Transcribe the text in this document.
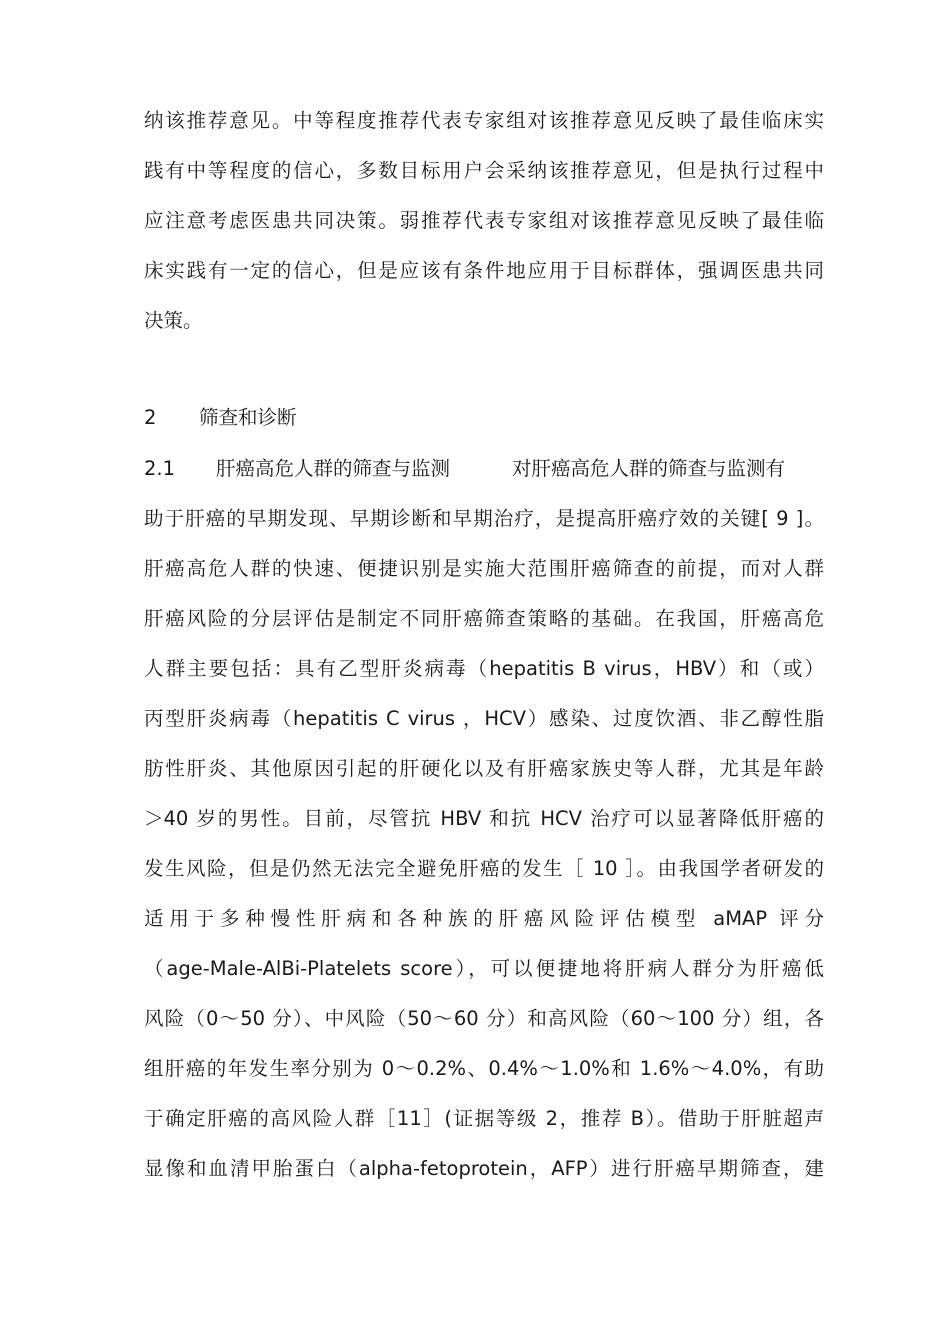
纳该推荐意见。中等程度推荐代表专家组对该推荐意见反映了最佳临床实
践有中等程度的信心，多数目标用户会采纳该推荐意见，但是执行过程中
应注意考虑医患共同决策。弱推荐代表专家组对该推荐意见反映了最佳临
床实践有一定的信心，但是应该有条件地应用于目标群体，强调医患共同
决策。
2 筛查和诊断
2.1 肝癌高危人群的筛查与监测	对肝癌高危人群的筛查与监测有
助于肝癌的早期发现、早期诊断和早期治疗，是提高肝癌疗效的关键[ 9 ]。
肝癌高危人群的快速、便捷识别是实施大范围肝癌筛查的前提，而对人群
肝癌风险的分层评估是制定不同肝癌筛查策略的基础。在我国，肝癌高危
人群主要包括：具有乙型肝炎病毒（hepatitis B virus，HBV）和（或）
丙型肝炎病毒（hepatitis C virus ，HCV）感染、过度饮酒、非乙醇性脂
肪性肝炎、其他原因引起的肝硬化以及有肝癌家族史等人群，尤其是年龄
＞40 岁的男性。目前，尽管抗 HBV 和抗 HCV 治疗可以显著降低肝癌的
发生风险，但是仍然无法完全避免肝癌的发生［ 10 ］。由我国学者研发的
适用于多种慢性肝病和各种族的肝癌风险评估模型 aMAP 评分
（age-Male-AlBi-Platelets score），可以便捷地将肝病人群分为肝癌低
风险（0～50 分）、中风险（50～60 分）和高风险（60～100 分）组，各
组肝癌的年发生率分别为 0～0.2%、0.4%～1.0%和 1.6%～4.0%，有助
于确定肝癌的高风险人群［11］(证据等级 2，推荐 B）。借助于肝脏超声
显像和血清甲胎蛋白（alpha-fetoprotein，AFP）进行肝癌早期筛查，建
